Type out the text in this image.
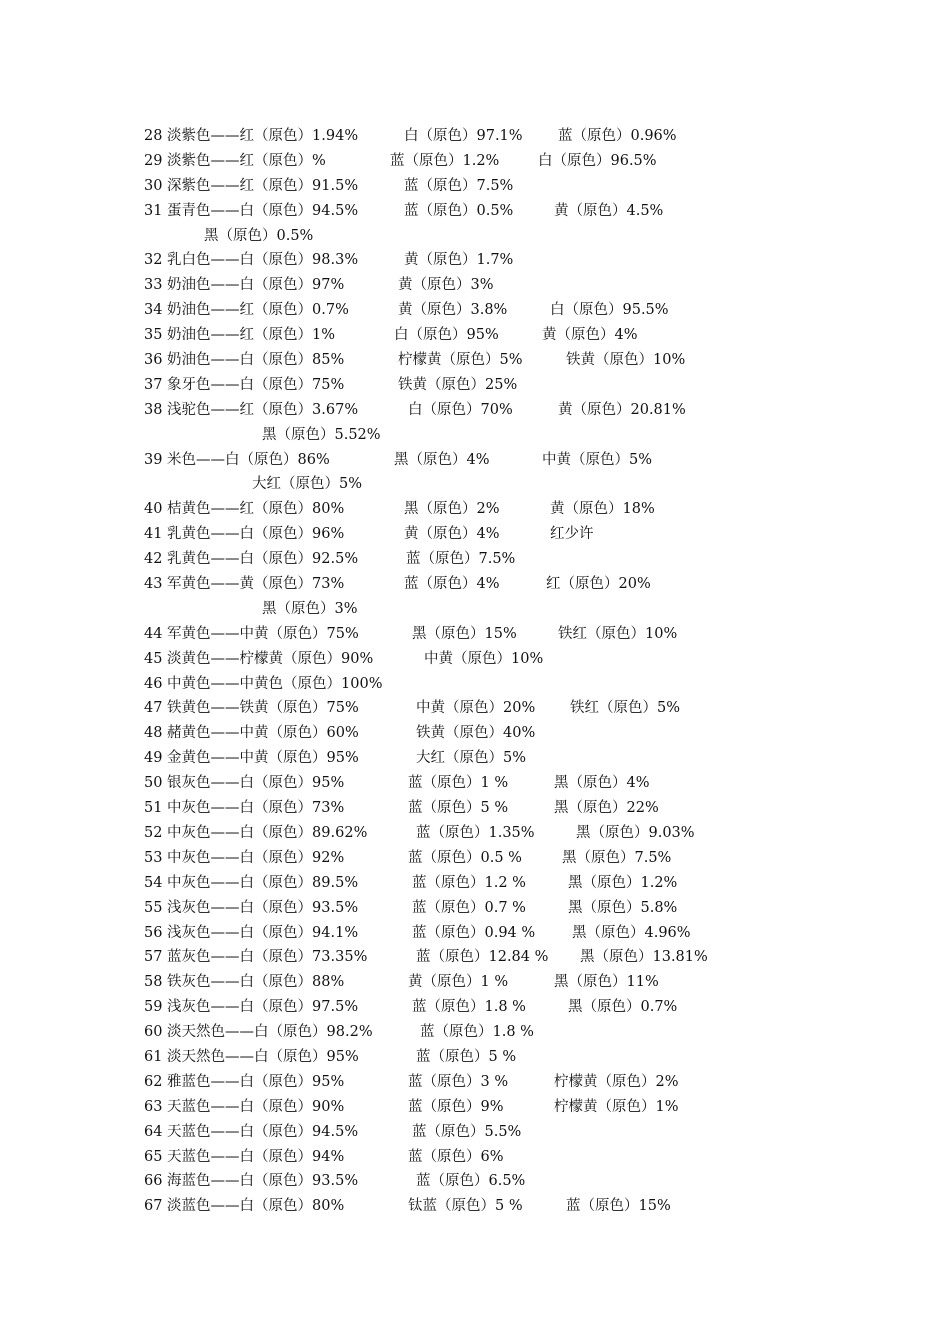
28 淡紫色——红（原色）1.94%	白（原色）97.1% 蓝（原色）0.96%
29 淡紫色——红（原色）%	蓝（原色）1.2%	白（原色）96.5%
30 深紫色——红（原色）91.5%	蓝（原色）7.5%
31 蛋青色——白（原色）94.5%	蓝（原色）0.5%	黄（原色）4.5%
黑（原色）0.5%
32 乳白色——白（原色）98.3%	黄（原色）1.7%
33 奶油色——白（原色）97%	黄（原色）3%
34 奶油色——红（原色）0.7%	黄（原色）3.8%	白（原色）95.5%
35 奶油色——红（原色）1%	白（原色）95%	黄（原色）4%
36 奶油色——白（原色）85%	柠檬黄（原色）5%	铁黄（原色）10%
37 象牙色——白（原色）75%	铁黄（原色）25%
38 浅驼色——红（原色）3.67%	白（原色）70%	黄（原色）20.81%
黑（原色）5.52%
39 米色——白（原色）86%	黑（原色）4%	中黄（原色）5%
大红（原色）5%
40 桔黄色——红（原色）80%	黑（原色）2%	黄（原色）18%
41 乳黄色——白（原色）96%	黄（原色）4%	红少许
42 乳黄色——白（原色）92.5%	蓝（原色）7.5%
43 军黄色——黄（原色）73%	蓝（原色）4%	红（原色）20%
黑（原色）3%
44 军黄色——中黄（原色）75%	黑（原色）15%	铁红（原色）10%
45 淡黄色——柠檬黄（原色）90%	中黄（原色）10%
46 中黄色——中黄色（原色）100%
47 铁黄色——铁黄（原色）75%	中黄（原色）20% 铁红（原色）5%
48 赭黄色——中黄（原色）60%	铁黄（原色）40%
49 金黄色——中黄（原色）95%	大红（原色）5%
50 银灰色——白（原色）95%	蓝（原色）1 %	黑（原色）4%
51 中灰色——白（原色）73%	蓝（原色）5 %	黑（原色）22%
52 中灰色——白（原色）89.62%	蓝（原色）1.35%	黑（原色）9.03%
53 中灰色——白（原色）92%	蓝（原色）0.5 %	黑（原色）7.5%
54 中灰色——白（原色）89.5%	蓝（原色）1.2 %	黑（原色）1.2%
55 浅灰色——白（原色）93.5%	蓝（原色）0.7 %	黑（原色）5.8%
56 浅灰色——白（原色）94.1%	蓝（原色）0.94 %	黑（原色）4.96%
57 蓝灰色——白（原色）73.35%	蓝（原色）12.84 % 黑（原色）13.81%
58 铁灰色——白（原色）88%	黄（原色）1 %	黑（原色）11%
59 浅灰色——白（原色）97.5%	蓝（原色）1.8 %	黑（原色）0.7%
60 淡天然色——白（原色）98.2%	蓝（原色）1.8 %
61 淡天然色——白（原色）95%	蓝（原色）5 %
62 雅蓝色——白（原色）95%	蓝（原色）3 %	柠檬黄（原色）2%
63 天蓝色——白（原色）90%	蓝（原色）9%	柠檬黄（原色）1%
64 天蓝色——白（原色）94.5%	蓝（原色）5.5%
65 天蓝色——白（原色）94%	蓝（原色）6%
66 海蓝色——白（原色）93.5%	蓝（原色）6.5%
67 淡蓝色——白（原色）80%	钛蓝（原色）5 %	蓝（原色）15%
